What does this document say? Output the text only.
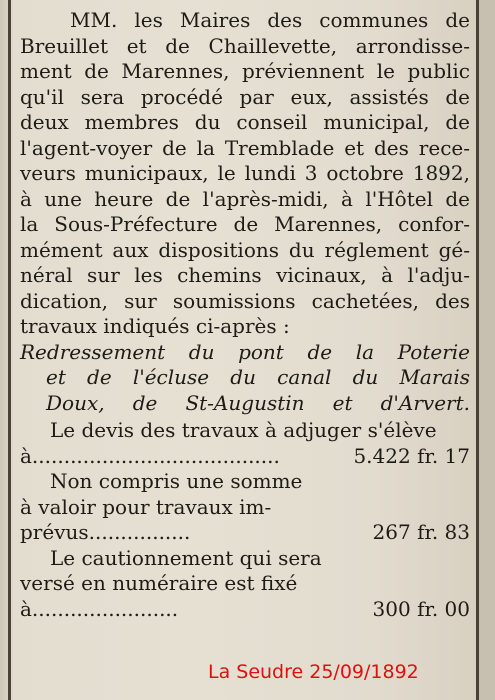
MM. les Maires des communes de
Breuillet et de Chaillevette, arrondisse-
ment de Marennes, préviennent le public
qu'il sera procédé par eux, assistés de
deux membres du conseil municipal, de
l'agent-voyer de la Tremblade et des rece-
veurs municipaux, le lundi 3 octobre 1892,
à une heure de l'après-midi, à l'Hôtel de
la Sous-Préfecture de Marennes, confor-
mément aux dispositions du réglement gé-
néral sur les chemins vicinaux, à l'adju-
dication, sur soumissions cachetées, des
travaux indiqués ci-après :
Redressement du pont de la Poterie
et de l'écluse du canal du Marais
Doux, de St-Augustin et d'Arvert.
Le devis des travaux à adjuger s'élève
à.......................................	5.422 fr. 17
Non compris une somme
à valoir pour travaux im-
prévus................	267 fr. 83
Le cautionnement qui sera
versé en numéraire est fixé
à.......................	300 fr. 00
La Seudre 25/09/1892
